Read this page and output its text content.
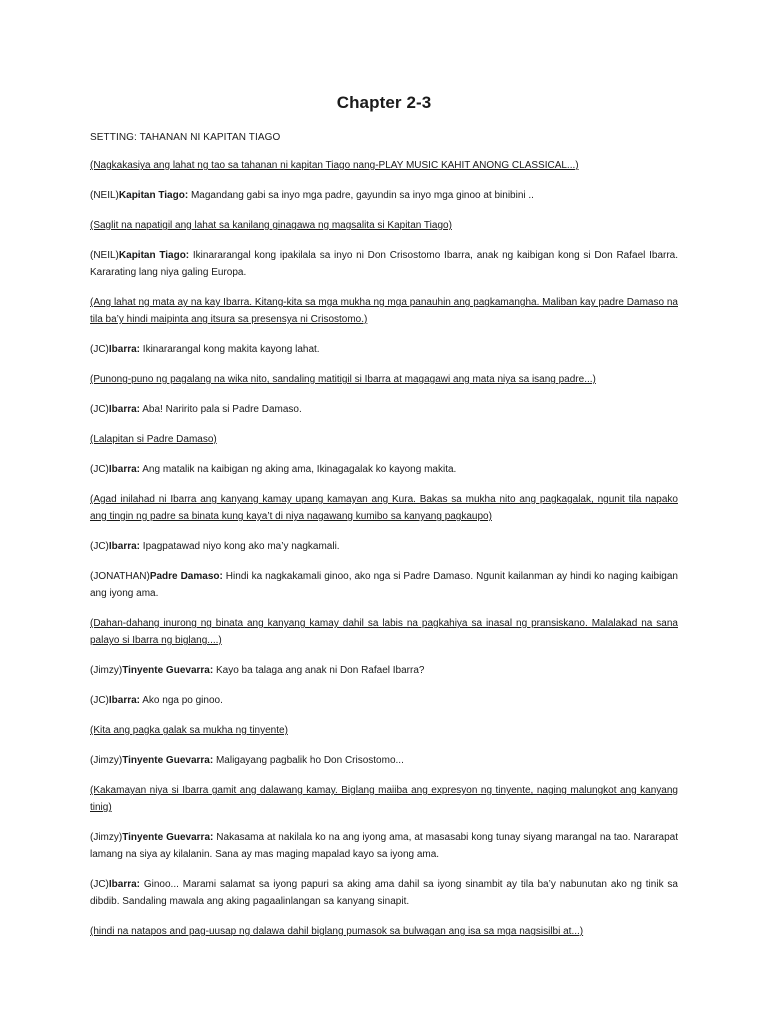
Chapter 2-3
SETTING: TAHANAN NI KAPITAN TIAGO

(Nagkakasiya ang lahat ng tao sa tahanan ni kapitan Tiago nang-PLAY MUSIC KAHIT ANONG CLASSICAL...)

(NEIL)Kapitan Tiago: Magandang gabi sa inyo mga padre, gayundin sa inyo mga ginoo at binibini ..

(Saglit na napatigil ang lahat sa kanilang ginagawa ng magsalita si Kapitan Tiago)

(NEIL)Kapitan Tiago: Ikinararangal kong ipakilala sa inyo ni Don Crisostomo Ibarra, anak ng kaibigan kong si Don Rafael Ibarra. Kararating lang niya galing Europa.

(Ang lahat ng mata ay na kay Ibarra. Kitang-kita sa mga mukha ng mga panauhin ang pagkamangha. Maliban kay padre Damaso na tila ba’y hindi maipinta ang itsura sa presensya ni Crisostomo.)

(JC)Ibarra: Ikinararangal kong makita kayong lahat.

(Punong-puno ng pagalang na wika nito, sandaling matitigil si Ibarra at magagawi ang mata niya sa isang padre...)

(JC)Ibarra: Aba! Naririto pala si Padre Damaso.

(Lalapitan si Padre Damaso)

(JC)Ibarra: Ang matalik na kaibigan ng aking ama, Ikinagagalak ko kayong makita.

(Agad inilahad ni Ibarra ang kanyang kamay upang kamayan ang Kura. Bakas sa mukha nito ang pagkagalak, ngunit tila napako ang tingin ng padre sa binata kung kaya’t di niya nagawang kumibo sa kanyang pagkaupo)

(JC)Ibarra: Ipagpatawad niyo kong ako ma’y nagkamali.

(JONATHAN)Padre Damaso: Hindi ka nagkakamali ginoo, ako nga si Padre Damaso. Ngunit kailanman ay hindi ko naging kaibigan ang iyong ama.

(Dahan-dahang inurong ng binata ang kanyang kamay dahil sa labis na pagkahiya sa inasal ng pransiskano. Malalakad na sana palayo si Ibarra ng biglang....)

(Jimzy)Tinyente Guevarra: Kayo ba talaga ang anak ni Don Rafael Ibarra?

(JC)Ibarra: Ako nga po ginoo.

(Kita ang pagka galak sa mukha ng tinyente)

(Jimzy)Tinyente Guevarra: Maligayang pagbalik ho Don Crisostomo...

(Kakamayan niya si Ibarra gamit ang dalawang kamay. Biglang maiiba ang expresyon ng tinyente, naging malungkot ang kanyang tinig)

(Jimzy)Tinyente Guevarra: Nakasama at nakilala ko na ang iyong ama, at masasabi kong tunay siyang marangal na tao. Nararapat lamang na siya ay kilalanin. Sana ay mas maging mapalad kayo sa iyong ama.

(JC)Ibarra: Ginoo... Marami salamat sa iyong papuri sa aking ama dahil sa iyong sinambit ay tila ba’y nabunutan ako ng tinik sa dibdib. Sandaling mawala ang aking pagaalinlangan sa kanyang sinapit.

(hindi na natapos and pag-uusap ng dalawa dahil biglang pumasok sa bulwagan ang isa sa mga nagsisilbi at...)
